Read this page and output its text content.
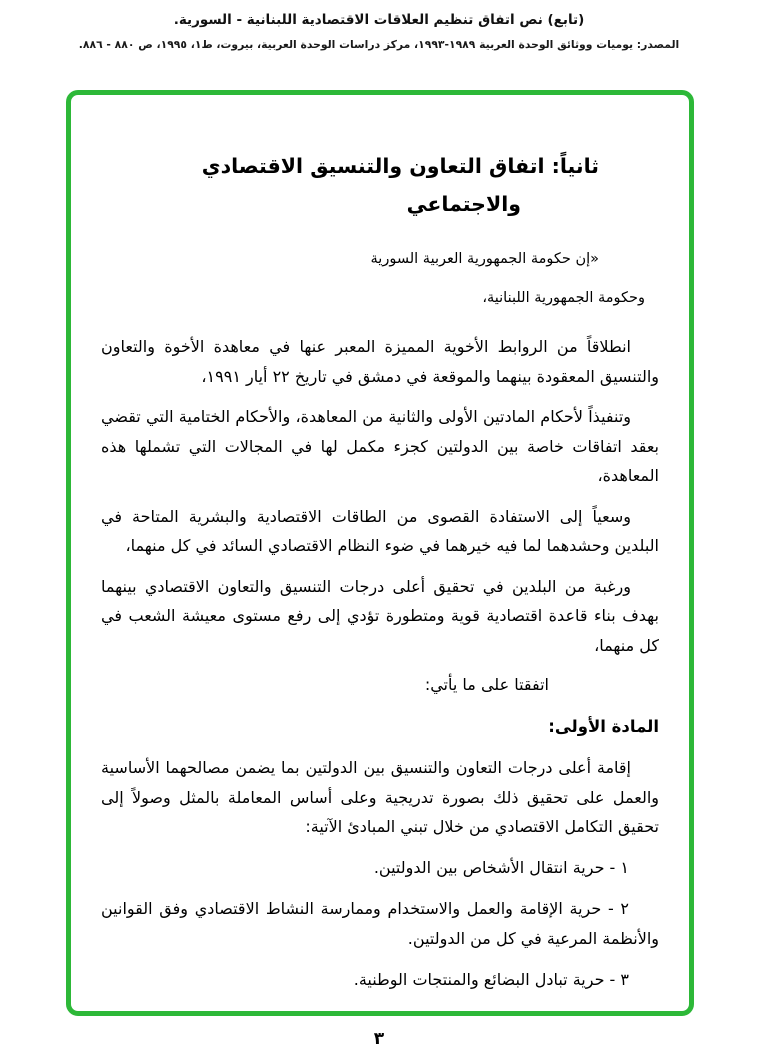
(تابع) نص اتفاق تنظيم العلاقات الاقتصادية اللبنانية - السورية.
المصدر: يوميات ووثائق الوحدة العربية ١٩٨٩-١٩٩٣، مركز دراسات الوحدة العربية، بيروت، ط١، ١٩٩٥، ص ٨٨٠ - ٨٨٦.
ثانياً: اتفاق التعاون والتنسيق الاقتصادي
والاجتماعي

«إن حكومة الجمهورية العربية السورية

وحكومة الجمهورية اللبنانية،

انطلاقاً من الروابط الأخوية المميزة المعبر عنها في معاهدة الأخوة والتعاون والتنسيق المعقودة بينهما والموقعة في دمشق في تاريخ ٢٢ أيار ١٩٩١،

وتنفيذاً لأحكام المادتين الأولى والثانية من المعاهدة، والأحكام الختامية التي تقضي بعقد اتفاقات خاصة بين الدولتين كجزء مكمل لها في المجالات التي تشملها هذه المعاهدة،

وسعياً إلى الاستفادة القصوى من الطاقات الاقتصادية والبشرية المتاحة في البلدين وحشدهما لما فيه خيرهما في ضوء النظام الاقتصادي السائد في كل منهما،

ورغبة من البلدين في تحقيق أعلى درجات التنسيق والتعاون الاقتصادي بينهما بهدف بناء قاعدة اقتصادية قوية ومتطورة تؤدي إلى رفع مستوى معيشة الشعب في كل منهما،

اتفقتا على ما يأتي:

المادة الأولى:

إقامة أعلى درجات التعاون والتنسيق بين الدولتين بما يضمن مصالحهما الأساسية والعمل على تحقيق ذلك بصورة تدريجية وعلى أساس المعاملة بالمثل وصولاً إلى تحقيق التكامل الاقتصادي من خلال تبني المبادئ الآتية:

١ - حرية انتقال الأشخاص بين الدولتين.

٢ - حرية الإقامة والعمل والاستخدام وممارسة النشاط الاقتصادي وفق القوانين والأنظمة المرعية في كل من الدولتين.

٣ - حرية تبادل البضائع والمنتجات الوطنية.

٣
